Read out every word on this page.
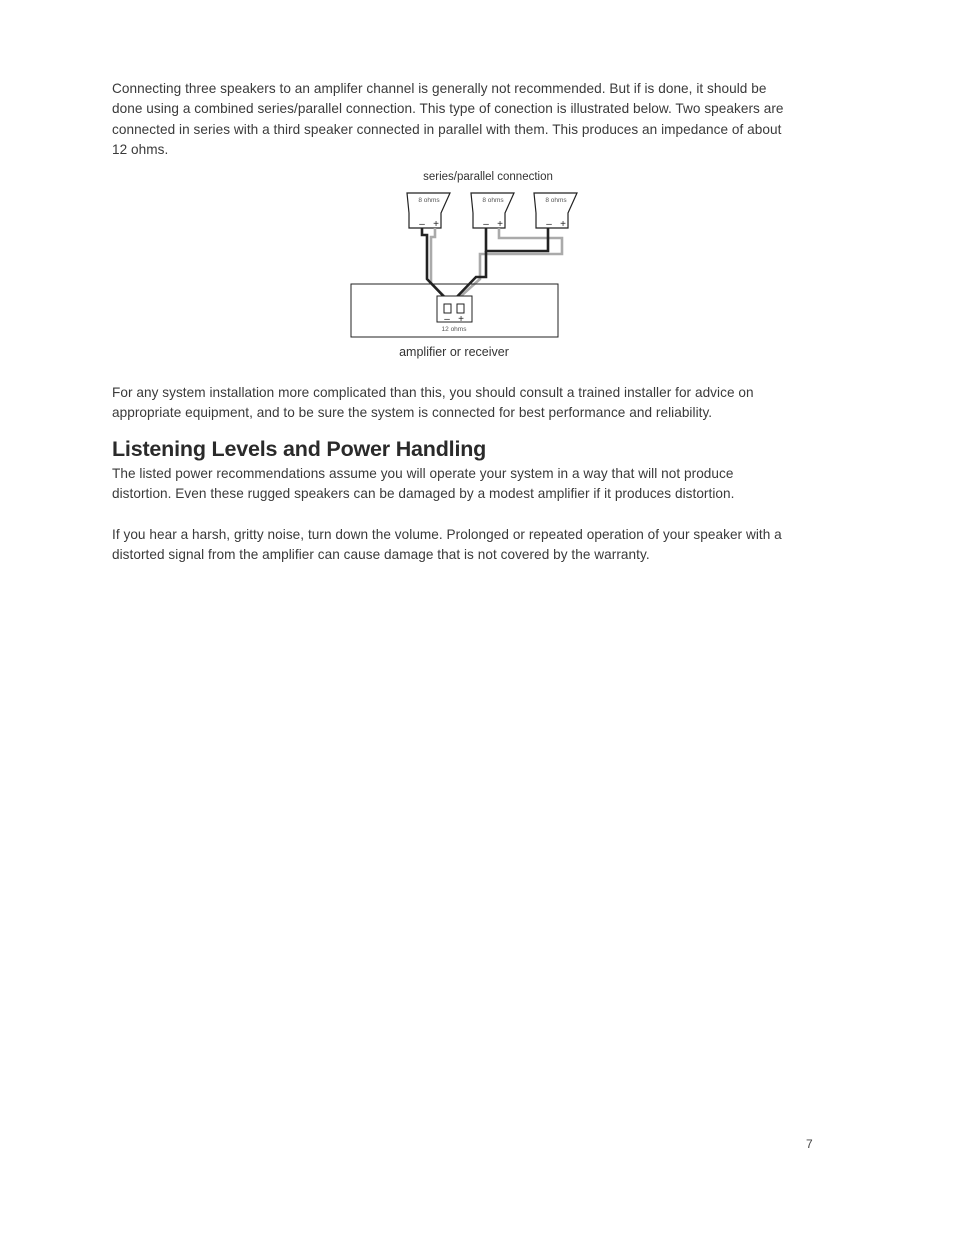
Connecting three speakers to an amplifer channel is generally not recommended. But if is done, it should be done using a combined series/parallel connection. This type of conection is illustrated below. Two speakers are connected in series with a third speaker connected in parallel with them. This produces an impedance of about 12 ohms.

series/parallel connection
8 ohms
– +
8 ohms
– +
8 ohms
– +
– +
12 ohms
amplifier or receiver

For any system installation more complicated than this, you should consult a trained installer for advice on appropriate equipment, and to be sure the system is connected for best performance and reliability.

Listening Levels and Power Handling

The listed power recommendations assume you will operate your system in a way that will not produce distortion. Even these rugged speakers can be damaged by a modest amplifier if it produces distortion.

If you hear a harsh, gritty noise, turn down the volume. Prolonged or repeated operation of your speaker with a distorted signal from the amplifier can cause damage that is not covered by the warranty.

7
